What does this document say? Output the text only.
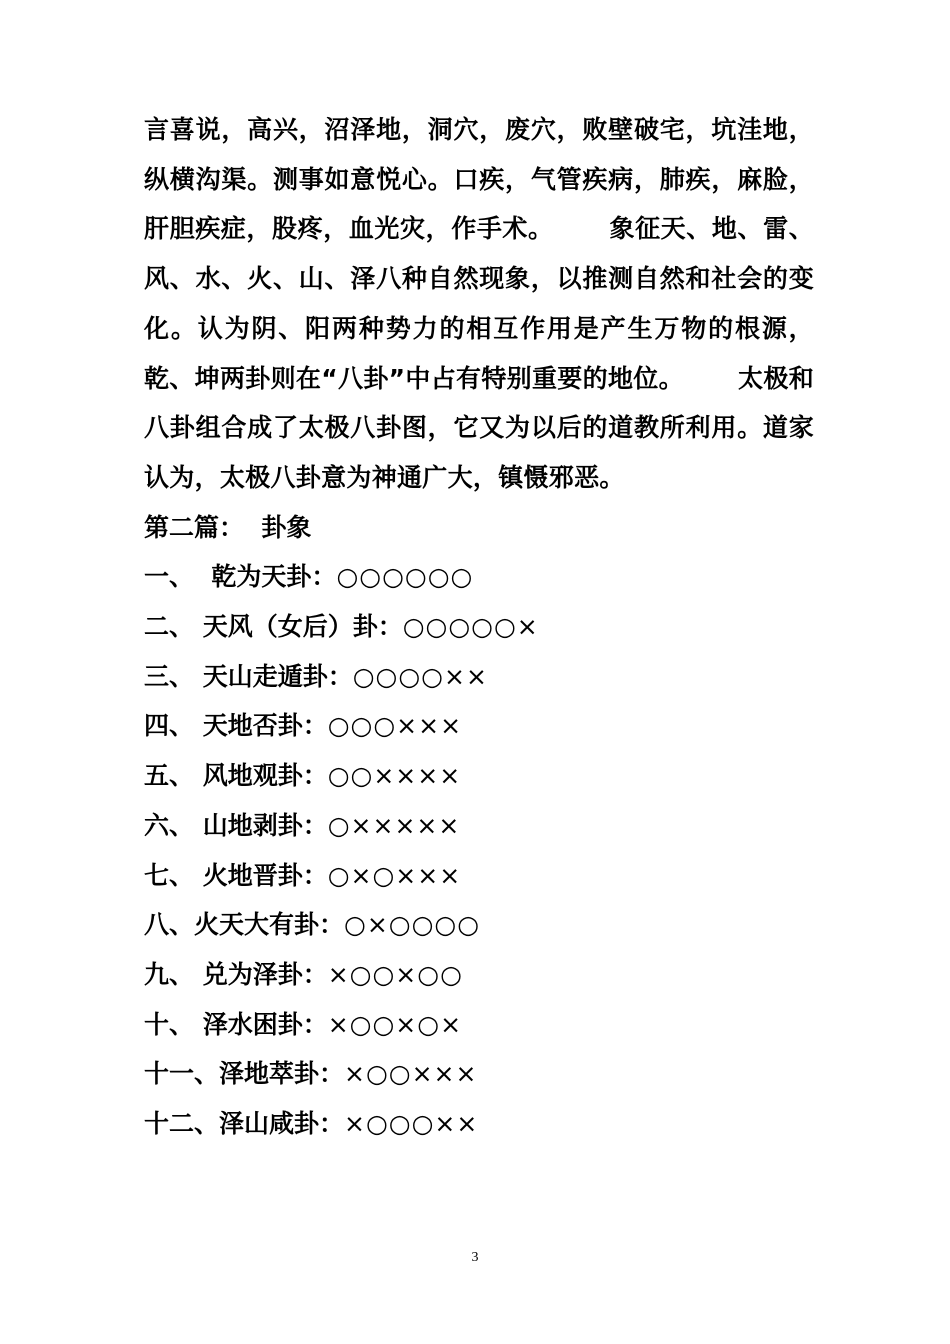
言喜说，高兴，沼泽地，洞穴，废穴，败壁破宅，坑洼地，纵横沟渠。测事如意悦心。口疾，气管疾病，肺疾，麻脸，肝胆疾症，股疼，血光灾，作手术。      象征天、地、雷、风、水、火、山、泽八种自然现象，以推测自然和社会的变化。认为阴、阳两种势力的相互作用是产生万物的根源，乾、坤两卦则在“八卦”中占有特别重要的地位。      太极和八卦组合成了太极八卦图，它又为以后的道教所利用。道家认为，太极八卦意为神通广大，镇慑邪恶。

第二篇：  卦象

一、  乾为天卦：○○○○○○

二、 天风（女后）卦：○○○○○×

三、 天山走遁卦：○○○○××

四、 天地否卦：○○○×××

五、 风地观卦：○○××××

六、 山地剥卦：○×××××

七、 火地晋卦：○×○×××

八、火天大有卦：○×○○○○

九、 兑为泽卦：×○○×○○

十、 泽水困卦：×○○×○×

十一、泽地萃卦：×○○×××

十二、泽山咸卦：×○○○××

3
